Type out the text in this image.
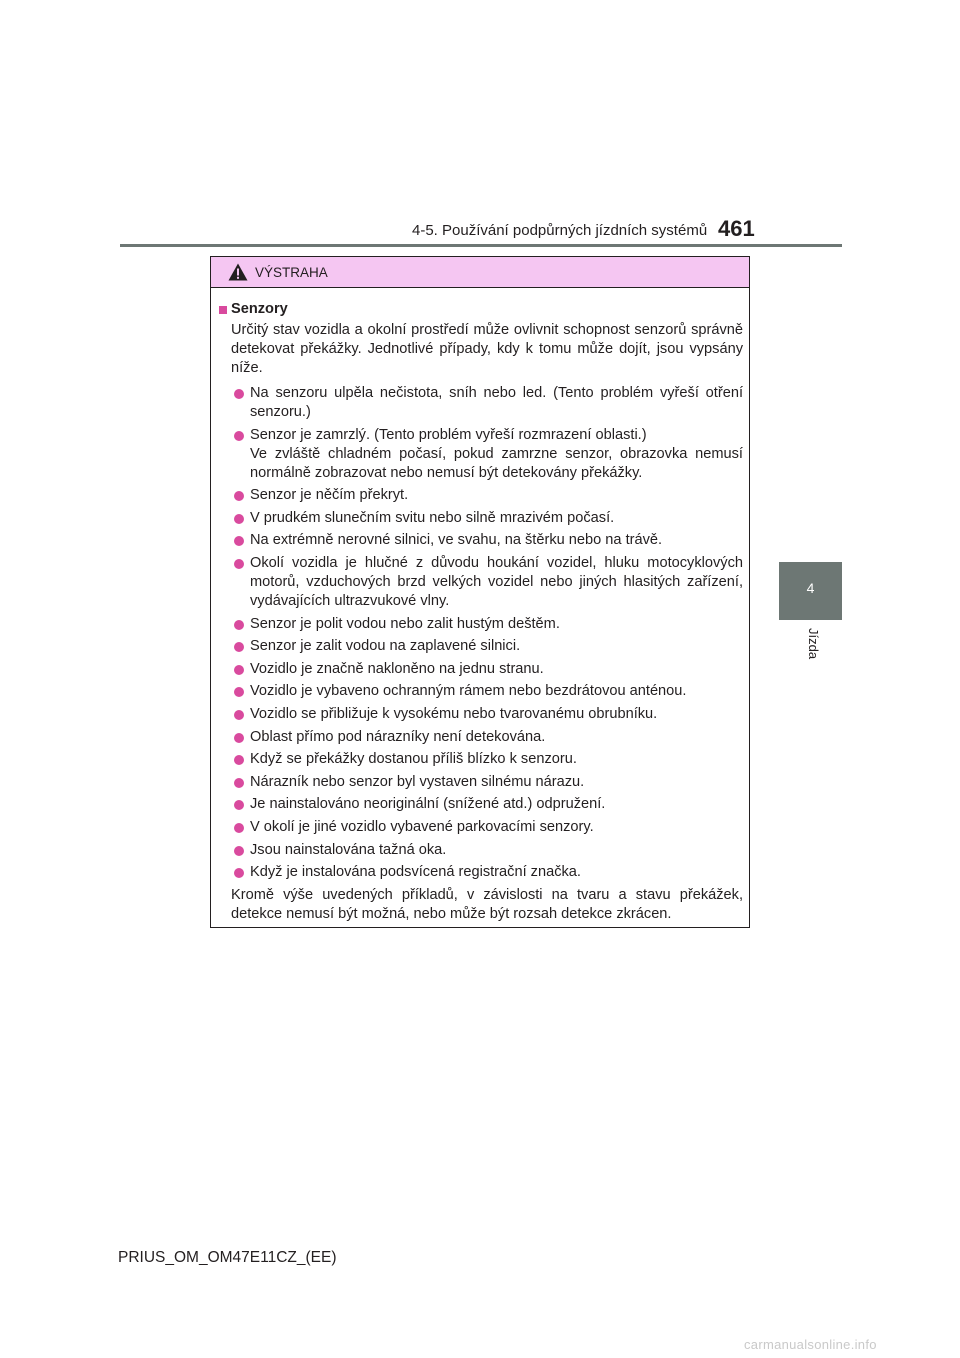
4-5. Používání podpůrných jízdních systémů 461
4
Jízda
VÝSTRAHA
Senzory
Určitý stav vozidla a okolní prostředí může ovlivnit schopnost senzorů správně detekovat překážky. Jednotlivé případy, kdy k tomu může dojít, jsou vypsány níže.
Na senzoru ulpěla nečistota, sníh nebo led. (Tento problém vyřeší otření senzoru.)
Senzor je zamrzlý. (Tento problém vyřeší rozmrazení oblasti.)
Ve zvláště chladném počasí, pokud zamrzne senzor, obrazovka nemusí normálně zobrazovat nebo nemusí být detekovány překážky.
Senzor je něčím překryt.
V prudkém slunečním svitu nebo silně mrazivém počasí.
Na extrémně nerovné silnici, ve svahu, na štěrku nebo na trávě.
Okolí vozidla je hlučné z důvodu houkání vozidel, hluku motocyklových motorů, vzduchových brzd velkých vozidel nebo jiných hlasitých zařízení, vydávajících ultrazvukové vlny.
Senzor je polit vodou nebo zalit hustým deštěm.
Senzor je zalit vodou na zaplavené silnici.
Vozidlo je značně nakloněno na jednu stranu.
Vozidlo je vybaveno ochranným rámem nebo bezdrátovou anténou.
Vozidlo se přibližuje k vysokému nebo tvarovanému obrubníku.
Oblast přímo pod nárazníky není detekována.
Když se překážky dostanou příliš blízko k senzoru.
Nárazník nebo senzor byl vystaven silnému nárazu.
Je nainstalováno neoriginální (snížené atd.) odpružení.
V okolí je jiné vozidlo vybavené parkovacími senzory.
Jsou nainstalována tažná oka.
Když je instalována podsvícená registrační značka.
Kromě výše uvedených příkladů, v závislosti na tvaru a stavu překážek, detekce nemusí být možná, nebo může být rozsah detekce zkrácen.
PRIUS_OM_OM47E11CZ_(EE)
carmanualsonline.info
